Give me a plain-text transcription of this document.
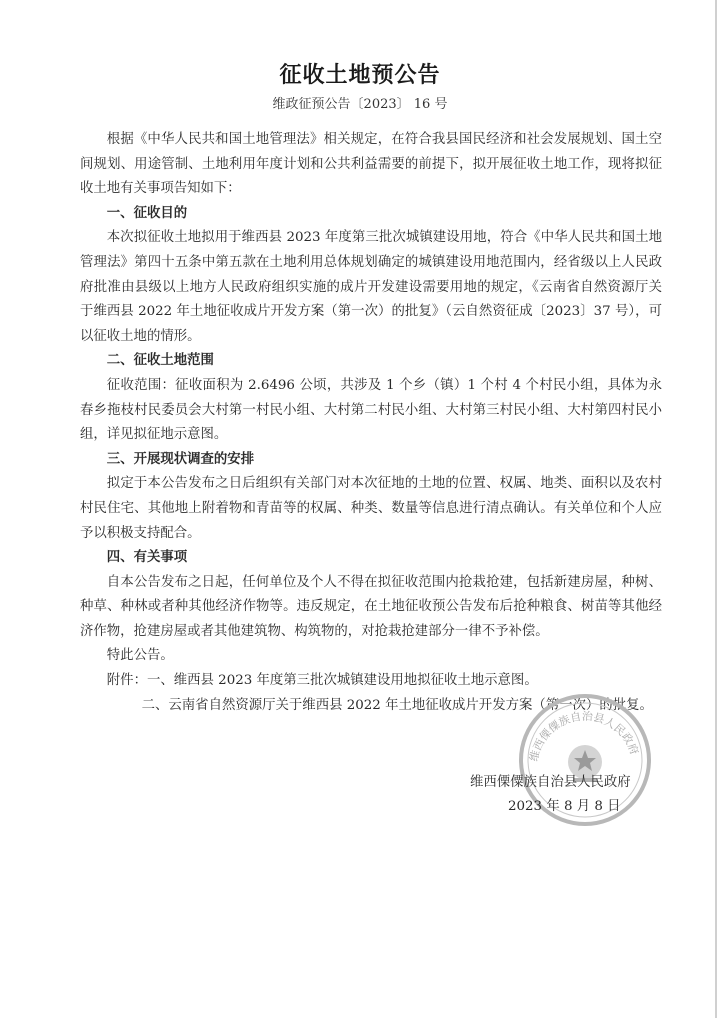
征收土地预公告
维政征预公告〔2023〕 16 号

根据《中华人民共和国土地管理法》相关规定，在符合我县国民经济和社会发展规划、国土空间规划、用途管制、土地利用年度计划和公共利益需要的前提下，拟开展征收土地工作，现将拟征收土地有关事项告知如下：

一、征收目的

本次拟征收土地拟用于维西县 2023 年度第三批次城镇建设用地，符合《中华人民共和国土地管理法》第四十五条中第五款在土地利用总体规划确定的城镇建设用地范围内，经省级以上人民政府批准由县级以上地方人民政府组织实施的成片开发建设需要用地的规定，《云南省自然资源厅关于维西县 2022 年土地征收成片开发方案（第一次）的批复》（云自然资征成〔2023〕37 号），可以征收土地的情形。

二、征收土地范围

征收范围：征收面积为 2.6496 公顷，共涉及 1 个乡（镇）1 个村 4 个村民小组，具体为永春乡拖枝村民委员会大村第一村民小组、大村第二村民小组、大村第三村民小组、大村第四村民小组，详见拟征地示意图。

三、开展现状调查的安排

拟定于本公告发布之日后组织有关部门对本次征地的土地的位置、权属、地类、面积以及农村村民住宅、其他地上附着物和青苗等的权属、种类、数量等信息进行清点确认。有关单位和个人应予以积极支持配合。

四、有关事项

自本公告发布之日起，任何单位及个人不得在拟征收范围内抢栽抢建，包括新建房屋，种树、种草、种林或者种其他经济作物等。违反规定，在土地征收预公告发布后抢种粮食、树苗等其他经济作物，抢建房屋或者其他建筑物、构筑物的，对抢栽抢建部分一律不予补偿。

特此公告。

附件：一、维西县 2023 年度第三批次城镇建设用地拟征收土地示意图。

二、云南省自然资源厅关于维西县 2022 年土地征收成片开发方案（第一次）的批复。

维西傈僳族自治县人民政府
维西傈僳族自治县人民政府
2023 年 8 月 8 日
